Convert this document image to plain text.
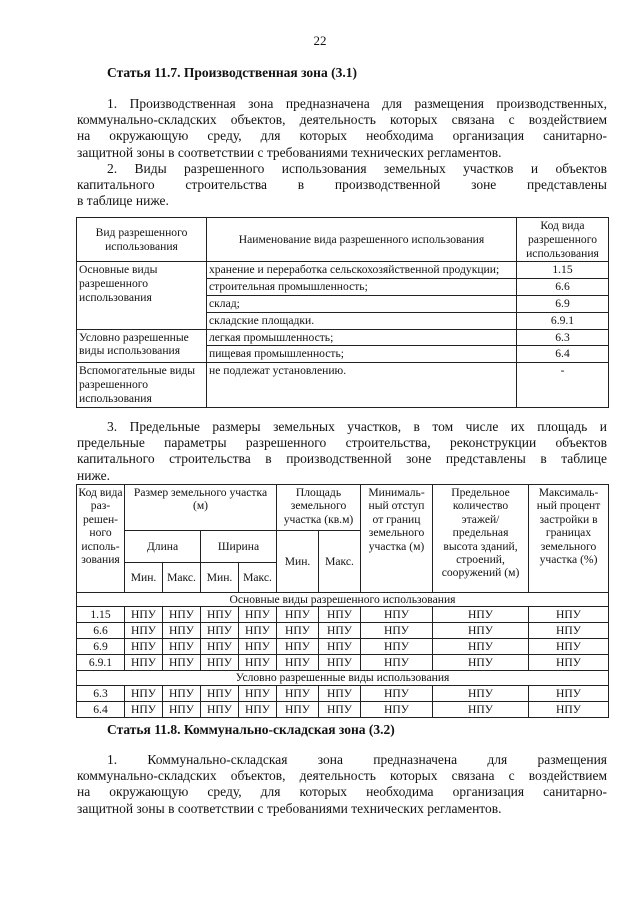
22
Статья 11.7. Производственная зона (3.1)
1. Производственная зона предназначена для размещения производственных,
коммунально-складских объектов, деятельность которых связана с воздействием
на окружающую среду, для которых необходима организация санитарно-
защитной зоны в соответствии с требованиями технических регламентов.
2. Виды разрешенного использования земельных участков и объектов
капитального строительства в производственной зоне представлены
в таблице ниже.
Вид разрешенного использования	Наименование вида разрешенного использования	Код вида разрешенного использования
Основные виды разрешенного использования	хранение и переработка сельскохозяйственной продукции;	1.15
	строительная промышленность;	6.6
	склад;	6.9
	складские площадки.	6.9.1
Условно разрешенные виды использования	легкая промышленность;	6.3
	пищевая промышленность;	6.4
Вспомогательные виды разрешенного использования	не подлежат установлению.	-
3. Предельные размеры земельных участков, в том числе их площадь и
предельные параметры разрешенного строительства, реконструкции объектов
капитального строительства в производственной зоне представлены в таблице
ниже.
Код вида раз-решен-ного исполь-зования	Размер земельного участка (м)				Площадь земельного участка (кв.м)		Минималь-ный отступ от границ земельного участка (м)	Предельное количество этажей/ предельная высота зданий, строений, сооружений (м)	Максималь-ный процент застройки в границах земельного участка (%)
	Длина		Ширина		Мин.	Макс.			
	Мин.	Макс.	Мин.	Макс.					
Основные виды разрешенного использования									
1.15	НПУ	НПУ	НПУ	НПУ	НПУ	НПУ	НПУ	НПУ	НПУ
6.6	НПУ	НПУ	НПУ	НПУ	НПУ	НПУ	НПУ	НПУ	НПУ
6.9	НПУ	НПУ	НПУ	НПУ	НПУ	НПУ	НПУ	НПУ	НПУ
6.9.1	НПУ	НПУ	НПУ	НПУ	НПУ	НПУ	НПУ	НПУ	НПУ
Условно разрешенные виды использования									
6.3	НПУ	НПУ	НПУ	НПУ	НПУ	НПУ	НПУ	НПУ	НПУ
6.4	НПУ	НПУ	НПУ	НПУ	НПУ	НПУ	НПУ	НПУ	НПУ
Статья 11.8. Коммунально-складская зона (3.2)
1. Коммунально-складская зона предназначена для размещения
коммунально-складских объектов, деятельность которых связана с воздействием
на окружающую среду, для которых необходима организация санитарно-
защитной зоны в соответствии с требованиями технических регламентов.
